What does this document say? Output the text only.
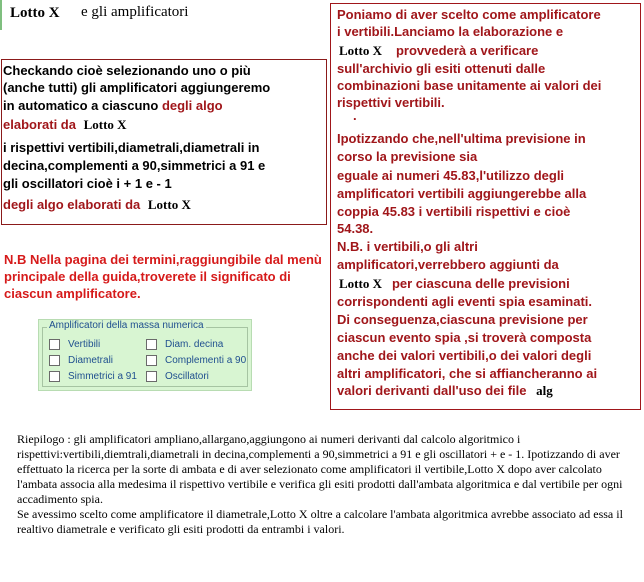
Lotto X e gli amplificatori
Checkando cioè selezionando uno o più
(anche tutti) gli amplificatori aggiungeremo
in automatico a ciascuno degli algo
elaborati da Lotto X
i rispettivi vertibili,diametrali,diametrali in
decina,complementi a 90,simmetrici a 91 e
gli oscillatori cioè i + 1 e - 1
degli algo elaborati da Lotto X
N.B Nella pagina dei termini,raggiungibile dal menù principale della guida,troverete il significato di ciascun amplificatore.
Amplificatori della massa numerica
Vertibili
Diametrali
Simmetrici a 91
Diam. decina
Complementi a 90
Oscillatori
Poniamo di aver scelto come amplificatore
i vertibili.Lanciamo la elaborazione e
Lotto X provvederà a verificare
sull'archivio gli esiti ottenuti dalle
combinazioni base unitamente ai valori dei
rispettivi vertibili.
.
Ipotizzando che,nell'ultima previsione in
corso la previsione sia
eguale ai numeri 45.83,l'utilizzo degli
amplificatori vertibili aggiungerebbe alla
coppia 45.83 i vertibili rispettivi e cioè
54.38.
N.B. i vertibili,o gli altri
amplificatori,verrebbero aggiunti da
Lotto X per ciascuna delle previsioni
corrispondenti agli eventi spia esaminati.
Di conseguenza,ciascuna previsione per
ciascun evento spia ,si troverà composta
anche dei valori vertibili,o dei valori degli
altri amplificatori, che si affiancheranno ai
valori derivanti dall'uso dei file alg

Riepilogo : gli amplificatori ampliano,allargano,aggiungono ai numeri derivanti dal calcolo algoritmico i rispettivi:vertibili,diemtrali,diametrali in decina,complementi a 90,simmetrici a 91 e gli oscillatori + e - 1. Ipotizzando di aver effettuato la ricerca per la sorte di ambata e di aver selezionato come amplificatori il vertibile,Lotto X dopo aver calcolato l'ambata associa alla medesima il rispettivo vertibile e verifica gli esiti prodotti dall'ambata algoritmica e dal vertibile per ogni accadimento spia.

Se avessimo scelto come amplificatore il diametrale,Lotto X oltre a calcolare l'ambata algoritmica avrebbe associato ad essa il realtivo diametrale e verificato gli esiti prodotti da entrambi i valori.
